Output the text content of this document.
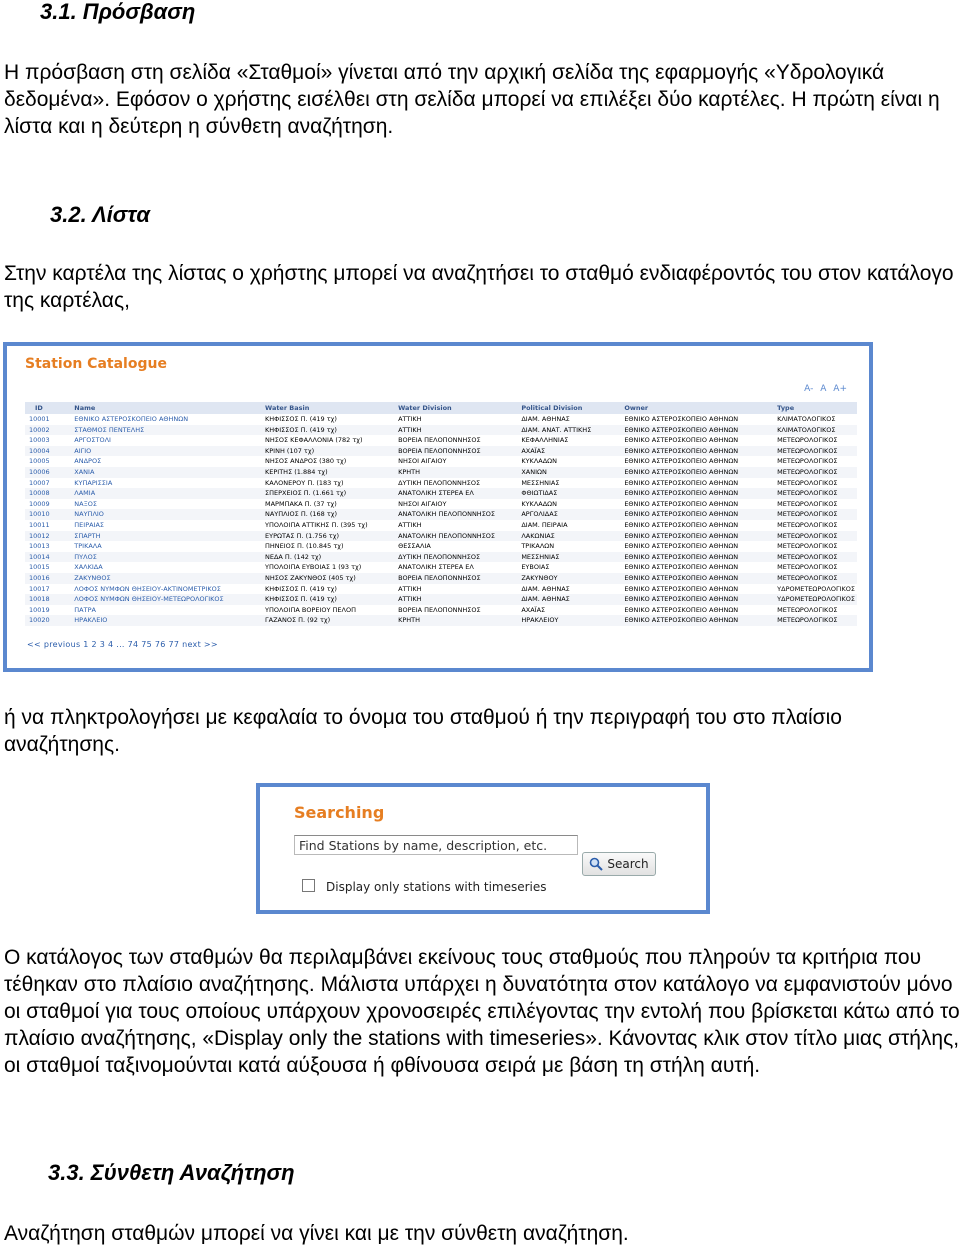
3.1. Πρόσβαση

Η πρόσβαση στη σελίδα «Σταθμοί» γίνεται από την αρχική σελίδα της εφαρμογής «Υδρολογικά δεδομένα». Εφόσον ο χρήστης εισέλθει στη σελίδα μπορεί να επιλέξει δύο καρτέλες. Η πρώτη είναι η λίστα και η δεύτερη η σύνθετη αναζήτηση.

3.2. Λίστα

Στην καρτέλα της λίστας ο χρήστης μπορεί να αναζητήσει το σταθμό ενδιαφέροντός του στον κατάλογο της καρτέλας,

Station Catalogue
A- A A+
ID	Name	Water Basin	Water Division	Political Division	Owner	Type
10001	ΕΘΝΙΚΟ ΑΣΤΕΡΟΣΚΟΠΕΙΟ ΑΘΗΝΩΝ	ΚΗΦΙΣΣΟΣ Π. (419 τχ)	ΑΤΤΙΚΗ	ΔΙΑΜ. ΑΘΗΝΑΣ	ΕΘΝΙΚΟ ΑΣΤΕΡΟΣΚΟΠΕΙΟ ΑΘΗΝΩΝ	ΚΛΙΜΑΤΟΛΟΓΙΚΟΣ
10002	ΣΤΑΘΜΟΣ ΠΕΝΤΕΛΗΣ	ΚΗΦΙΣΣΟΣ Π. (419 τχ)	ΑΤΤΙΚΗ	ΔΙΑΜ. ΑΝΑΤ. ΑΤΤΙΚΗΣ	ΕΘΝΙΚΟ ΑΣΤΕΡΟΣΚΟΠΕΙΟ ΑΘΗΝΩΝ	ΚΛΙΜΑΤΟΛΟΓΙΚΟΣ
10003	ΑΡΓΟΣΤΟΛΙ	ΝΗΣΟΣ ΚΕΦΑΛΛΟΝΙΑ (782 τχ)	ΒΟΡΕΙΑ ΠΕΛΟΠΟΝΝΗΣΟΣ	ΚΕΦΑΛΛΗΝΙΑΣ	ΕΘΝΙΚΟ ΑΣΤΕΡΟΣΚΟΠΕΙΟ ΑΘΗΝΩΝ	ΜΕΤΕΩΡΟΛΟΓΙΚΟΣ
10004	ΑΙΓΙΟ	ΚΡΙΝΗ (107 τχ)	ΒΟΡΕΙΑ ΠΕΛΟΠΟΝΝΗΣΟΣ	ΑΧΑΪΑΣ	ΕΘΝΙΚΟ ΑΣΤΕΡΟΣΚΟΠΕΙΟ ΑΘΗΝΩΝ	ΜΕΤΕΩΡΟΛΟΓΙΚΟΣ
10005	ΑΝΔΡΟΣ	ΝΗΣΟΣ ΑΝΔΡΟΣ (380 τχ)	ΝΗΣΟΙ ΑΙΓΑΙΟΥ	ΚΥΚΛΑΔΩΝ	ΕΘΝΙΚΟ ΑΣΤΕΡΟΣΚΟΠΕΙΟ ΑΘΗΝΩΝ	ΜΕΤΕΩΡΟΛΟΓΙΚΟΣ
10006	ΧΑΝΙΑ	ΚΕΡΙΤΗΣ (1.884 τχ)	ΚΡΗΤΗ	ΧΑΝΙΩΝ	ΕΘΝΙΚΟ ΑΣΤΕΡΟΣΚΟΠΕΙΟ ΑΘΗΝΩΝ	ΜΕΤΕΩΡΟΛΟΓΙΚΟΣ
10007	ΚΥΠΑΡΙΣΣΙΑ	ΚΑΛΟΝΕΡΟΥ Π. (183 τχ)	ΔΥΤΙΚΗ ΠΕΛΟΠΟΝΝΗΣΟΣ	ΜΕΣΣΗΝΙΑΣ	ΕΘΝΙΚΟ ΑΣΤΕΡΟΣΚΟΠΕΙΟ ΑΘΗΝΩΝ	ΜΕΤΕΩΡΟΛΟΓΙΚΟΣ
10008	ΛΑΜΙΑ	ΣΠΕΡΧΕΙΟΣ Π. (1.661 τχ)	ΑΝΑΤΟΛΙΚΗ ΣΤΕΡΕΑ ΕΛ	ΦΘΙΩΤΙΔΑΣ	ΕΘΝΙΚΟ ΑΣΤΕΡΟΣΚΟΠΕΙΟ ΑΘΗΝΩΝ	ΜΕΤΕΩΡΟΛΟΓΙΚΟΣ
10009	ΝΑΞΟΣ	ΜΑΡΜΠΑΚΑ Π. (37 τχ)	ΝΗΣΟΙ ΑΙΓΑΙΟΥ	ΚΥΚΛΑΔΩΝ	ΕΘΝΙΚΟ ΑΣΤΕΡΟΣΚΟΠΕΙΟ ΑΘΗΝΩΝ	ΜΕΤΕΩΡΟΛΟΓΙΚΟΣ
10010	ΝΑΥΠΛΙΟ	ΝΑΥΠΛΙΟΣ Π. (168 τχ)	ΑΝΑΤΟΛΙΚΗ ΠΕΛΟΠΟΝΝΗΣΟΣ	ΑΡΓΟΛΙΔΑΣ	ΕΘΝΙΚΟ ΑΣΤΕΡΟΣΚΟΠΕΙΟ ΑΘΗΝΩΝ	ΜΕΤΕΩΡΟΛΟΓΙΚΟΣ
10011	ΠΕΙΡΑΙΑΣ	ΥΠΟΛΟΙΠΑ ΑΤΤΙΚΗΣ Π. (395 τχ)	ΑΤΤΙΚΗ	ΔΙΑΜ. ΠΕΙΡΑΙΑ	ΕΘΝΙΚΟ ΑΣΤΕΡΟΣΚΟΠΕΙΟ ΑΘΗΝΩΝ	ΜΕΤΕΩΡΟΛΟΓΙΚΟΣ
10012	ΣΠΑΡΤΗ	ΕΥΡΩΤΑΣ Π. (1.756 τχ)	ΑΝΑΤΟΛΙΚΗ ΠΕΛΟΠΟΝΝΗΣΟΣ	ΛΑΚΩΝΙΑΣ	ΕΘΝΙΚΟ ΑΣΤΕΡΟΣΚΟΠΕΙΟ ΑΘΗΝΩΝ	ΜΕΤΕΩΡΟΛΟΓΙΚΟΣ
10013	ΤΡΙΚΑΛΑ	ΠΗΝΕΙΟΣ Π. (10.845 τχ)	ΘΕΣΣΑΛΙΑ	ΤΡΙΚΑΛΩΝ	ΕΘΝΙΚΟ ΑΣΤΕΡΟΣΚΟΠΕΙΟ ΑΘΗΝΩΝ	ΜΕΤΕΩΡΟΛΟΓΙΚΟΣ
10014	ΠΥΛΟΣ	ΝΕΔΑ Π. (142 τχ)	ΔΥΤΙΚΗ ΠΕΛΟΠΟΝΝΗΣΟΣ	ΜΕΣΣΗΝΙΑΣ	ΕΘΝΙΚΟ ΑΣΤΕΡΟΣΚΟΠΕΙΟ ΑΘΗΝΩΝ	ΜΕΤΕΩΡΟΛΟΓΙΚΟΣ
10015	ΧΑΛΚΙΔΑ	ΥΠΟΛΟΙΠΑ ΕΥΒΟΙΑΣ 1 (93 τχ)	ΑΝΑΤΟΛΙΚΗ ΣΤΕΡΕΑ ΕΛ	ΕΥΒΟΙΑΣ	ΕΘΝΙΚΟ ΑΣΤΕΡΟΣΚΟΠΕΙΟ ΑΘΗΝΩΝ	ΜΕΤΕΩΡΟΛΟΓΙΚΟΣ
10016	ΖΑΚΥΝΘΟΣ	ΝΗΣΟΣ ΖΑΚΥΝΘΟΣ (405 τχ)	ΒΟΡΕΙΑ ΠΕΛΟΠΟΝΝΗΣΟΣ	ΖΑΚΥΝΘΟΥ	ΕΘΝΙΚΟ ΑΣΤΕΡΟΣΚΟΠΕΙΟ ΑΘΗΝΩΝ	ΜΕΤΕΩΡΟΛΟΓΙΚΟΣ
10017	ΛΟΦΟΣ ΝΥΜΦΩΝ ΘΗΣΕΙΟΥ-ΑΚΤΙΝΟΜΕΤΡΙΚΟΣ	ΚΗΦΙΣΣΟΣ Π. (419 τχ)	ΑΤΤΙΚΗ	ΔΙΑΜ. ΑΘΗΝΑΣ	ΕΘΝΙΚΟ ΑΣΤΕΡΟΣΚΟΠΕΙΟ ΑΘΗΝΩΝ	ΥΔΡΟΜΕΤΕΩΡΟΛΟΓΙΚΟΣ
10018	ΛΟΦΟΣ ΝΥΜΦΩΝ ΘΗΣΕΙΟΥ-ΜΕΤΕΩΡΟΛΟΓΙΚΟΣ	ΚΗΦΙΣΣΟΣ Π. (419 τχ)	ΑΤΤΙΚΗ	ΔΙΑΜ. ΑΘΗΝΑΣ	ΕΘΝΙΚΟ ΑΣΤΕΡΟΣΚΟΠΕΙΟ ΑΘΗΝΩΝ	ΥΔΡΟΜΕΤΕΩΡΟΛΟΓΙΚΟΣ
10019	ΠΑΤΡΑ	ΥΠΟΛΟΙΠΑ ΒΟΡΕΙΟΥ ΠΕΛΟΠ	ΒΟΡΕΙΑ ΠΕΛΟΠΟΝΝΗΣΟΣ	ΑΧΑΪΑΣ	ΕΘΝΙΚΟ ΑΣΤΕΡΟΣΚΟΠΕΙΟ ΑΘΗΝΩΝ	ΜΕΤΕΩΡΟΛΟΓΙΚΟΣ
10020	ΗΡΑΚΛΕΙΟ	ΓΑΖΑΝΟΣ Π. (92 τχ)	ΚΡΗΤΗ	ΗΡΑΚΛΕΙΟΥ	ΕΘΝΙΚΟ ΑΣΤΕΡΟΣΚΟΠΕΙΟ ΑΘΗΝΩΝ	ΜΕΤΕΩΡΟΛΟΓΙΚΟΣ
<< previous 1 2 3 4 ... 74 75 76 77 next >>

ή να πληκτρολογήσει με κεφαλαία το όνομα του σταθμού ή την περιγραφή του στο πλαίσιο αναζήτησης.

Searching
Find Stations by name, description, etc.
Search
Display only stations with timeseries

Ο κατάλογος των σταθμών θα περιλαμβάνει εκείνους τους σταθμούς που πληρούν τα κριτήρια που τέθηκαν στο πλαίσιο αναζήτησης. Μάλιστα υπάρχει η δυνατότητα στον κατάλογο να εμφανιστούν μόνο οι σταθμοί για τους οποίους υπάρχουν χρονοσειρές επιλέγοντας την εντολή που βρίσκεται κάτω από το πλαίσιο αναζήτησης, «Display only the stations with timeseries». Κάνοντας κλικ στον τίτλο μιας στήλης, οι σταθμοί ταξινομούνται κατά αύξουσα ή φθίνουσα σειρά με βάση τη στήλη αυτή.

3.3. Σύνθετη Αναζήτηση

Αναζήτηση σταθμών μπορεί να γίνει και με την σύνθετη αναζήτηση.
